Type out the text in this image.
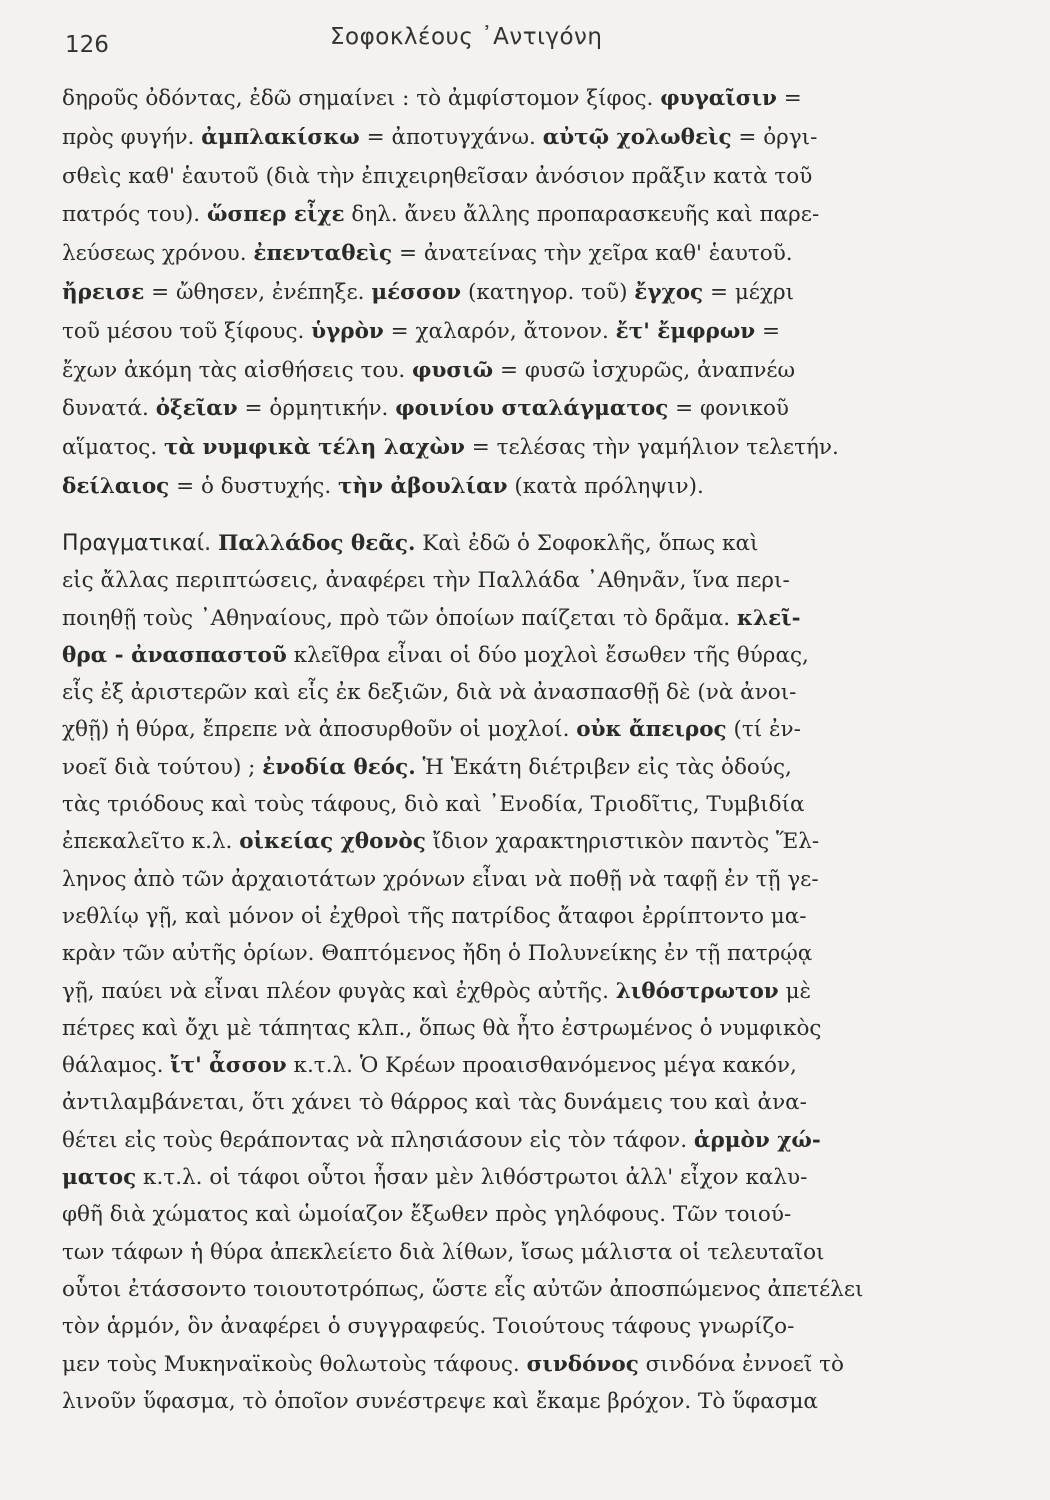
126	Σοφοκλέους ᾿Αντιγόνη
δηροῦς ὀδόντας, ἐδῶ σημαίνει : τὸ ἀμφίστομον ξίφος. φυγαῖσιν =
πρὸς φυγήν. ἀμπλακίσκω = ἀποτυγχάνω. αὐτῷ χολωθεὶς = ὀργι-
σθεὶς καθ' ἑαυτοῦ (διὰ τὴν ἐπιχειρηθεῖσαν ἀνόσιον πρᾶξιν κατὰ τοῦ
πατρός του). ὥσπερ εἶχε δηλ. ἄνευ ἄλλης προπαρασκευῆς καὶ παρε-
λεύσεως χρόνου. ἐπενταθεὶς = ἀνατείνας τὴν χεῖρα καθ' ἑαυτοῦ.
ἤρεισε = ὤθησεν, ἐνέπηξε. μέσσον (κατηγορ. τοῦ) ἔγχος = μέχρι
τοῦ μέσου τοῦ ξίφους. ὑγρὸν = χαλαρόν, ἄτονον. ἔτ' ἔμφρων =
ἔχων ἀκόμη τὰς αἰσθήσεις του. φυσιῶ = φυσῶ ἰσχυρῶς, ἀναπνέω
δυνατά. ὀξεῖαν = ὁρμητικήν. φοινίου σταλάγματος = φονικοῦ
αἵματος. τὰ νυμφικὰ τέλη λαχὼν = τελέσας τὴν γαμήλιον τελετήν.
δείλαιος = ὁ δυστυχής. τὴν ἀβουλίαν (κατὰ πρόληψιν).
Πραγματικαί. Παλλάδος θεᾶς. Καὶ ἐδῶ ὁ Σοφοκλῆς, ὅπως καὶ
εἰς ἄλλας περιπτώσεις, ἀναφέρει τὴν Παλλάδα ᾿Αθηνᾶν, ἵνα περι-
ποιηθῇ τοὺς ᾿Αθηναίους, πρὸ τῶν ὁποίων παίζεται τὸ δρᾶμα. κλεῖ-
θρα - ἀνασπαστοῦ κλεῖθρα εἶναι οἱ δύο μοχλοὶ ἔσωθεν τῆς θύρας,
εἷς ἐξ ἀριστερῶν καὶ εἷς ἐκ δεξιῶν, διὰ νὰ ἀνασπασθῇ δὲ (νὰ ἀνοι-
χθῇ) ἡ θύρα, ἔπρεπε νὰ ἀποσυρθοῦν οἱ μοχλοί. οὐκ ἄπειρος (τί ἐν-
νοεῖ διὰ τούτου) ; ἐνοδία θεός. Ἡ Ἑκάτη διέτριβεν εἰς τὰς ὁδούς,
τὰς τριόδους καὶ τοὺς τάφους, διὸ καὶ ᾿Ενοδία, Τριοδῖτις, Τυμβιδία
ἐπεκαλεῖτο κ.λ. οἰκείας χθονὸς ἴδιον χαρακτηριστικὸν παντὸς Ἕλ-
ληνος ἀπὸ τῶν ἀρχαιοτάτων χρόνων εἶναι νὰ ποθῇ νὰ ταφῇ ἐν τῇ γε-
νεθλίῳ γῇ, καὶ μόνον οἱ ἐχθροὶ τῆς πατρίδος ἄταφοι ἐρρίπτοντο μα-
κρὰν τῶν αὐτῆς ὁρίων. Θαπτόμενος ἤδη ὁ Πολυνείκης ἐν τῇ πατρῴᾳ
γῇ, παύει νὰ εἶναι πλέον φυγὰς καὶ ἐχθρὸς αὐτῆς. λιθόστρωτον μὲ
πέτρες καὶ ὄχι μὲ τάπητας κλπ., ὅπως θὰ ἦτο ἐστρωμένος ὁ νυμφικὸς
θάλαμος. ἴτ' ἆσσον κ.τ.λ. Ὁ Κρέων προαισθανόμενος μέγα κακόν,
ἀντιλαμβάνεται, ὅτι χάνει τὸ θάρρος καὶ τὰς δυνάμεις του καὶ ἀνα-
θέτει εἰς τοὺς θεράποντας νὰ πλησιάσουν εἰς τὸν τάφον. ἁρμὸν χώ-
ματος κ.τ.λ. οἱ τάφοι οὗτοι ἦσαν μὲν λιθόστρωτοι ἀλλ' εἶχον καλυ-
φθῆ διὰ χώματος καὶ ὡμοίαζον ἔξωθεν πρὸς γηλόφους. Τῶν τοιού-
των τάφων ἡ θύρα ἀπεκλείετο διὰ λίθων, ἴσως μάλιστα οἱ τελευταῖοι
οὗτοι ἐτάσσοντο τοιουτοτρόπως, ὥστε εἷς αὐτῶν ἀποσπώμενος ἀπετέλει
τὸν ἁρμόν, ὃν ἀναφέρει ὁ συγγραφεύς. Τοιούτους τάφους γνωρίζο-
μεν τοὺς Μυκηναϊκοὺς θολωτοὺς τάφους. σινδόνος σινδόνα ἐννοεῖ τὸ
λινοῦν ὕφασμα, τὸ ὁποῖον συνέστρεψε καὶ ἔκαμε βρόχον. Τὸ ὕφασμα
